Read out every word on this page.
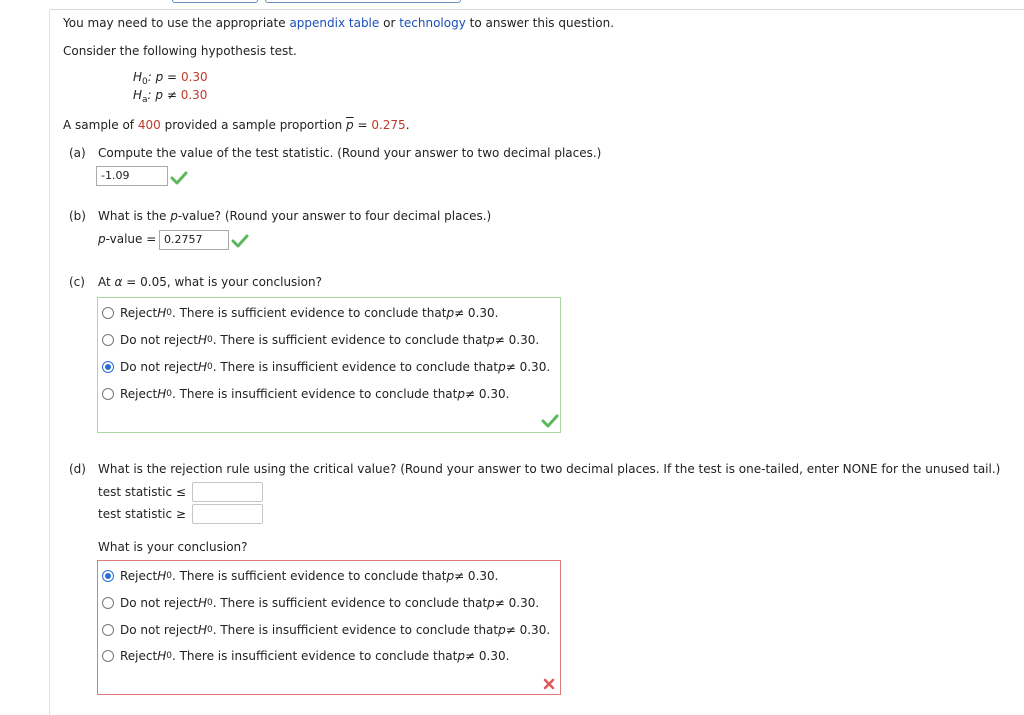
You may need to use the appropriate appendix table or technology to answer this question.
Consider the following hypothesis test.
$H_0$: p = 0.30
$H_a$: p ≠ 0.30
A sample of 400 provided a sample proportion $\overline{p} = 0.275$.
(a) Compute the value of the test statistic. (Round your answer to two decimal places.)
-1.09
(b) What is the p-value? (Round your answer to four decimal places.)
p-value = 0.2757
(c) At α = 0.05, what is your conclusion?
Reject H 0 . There is sufficient evidence to conclude that p ≠ 0.30.
Do not reject H 0 . There is sufficient evidence to conclude that p ≠ 0.30.
Do not reject H 0 . There is insufficient evidence to conclude that p ≠ 0.30.
Reject H 0 . There is insufficient evidence to conclude that p ≠ 0.30.
(d) What is the rejection rule using the critical value? (Round your answer to two decimal places. If the test is one-tailed, enter NONE for the unused tail.)
test statistic ≤
test statistic ≥
What is your conclusion?
Reject H 0 . There is sufficient evidence to conclude that p ≠ 0.30.
Do not reject H 0 . There is sufficient evidence to conclude that p ≠ 0.30.
Do not reject H 0 . There is insufficient evidence to conclude that p ≠ 0.30.
Reject H 0 . There is insufficient evidence to conclude that p ≠ 0.30.
